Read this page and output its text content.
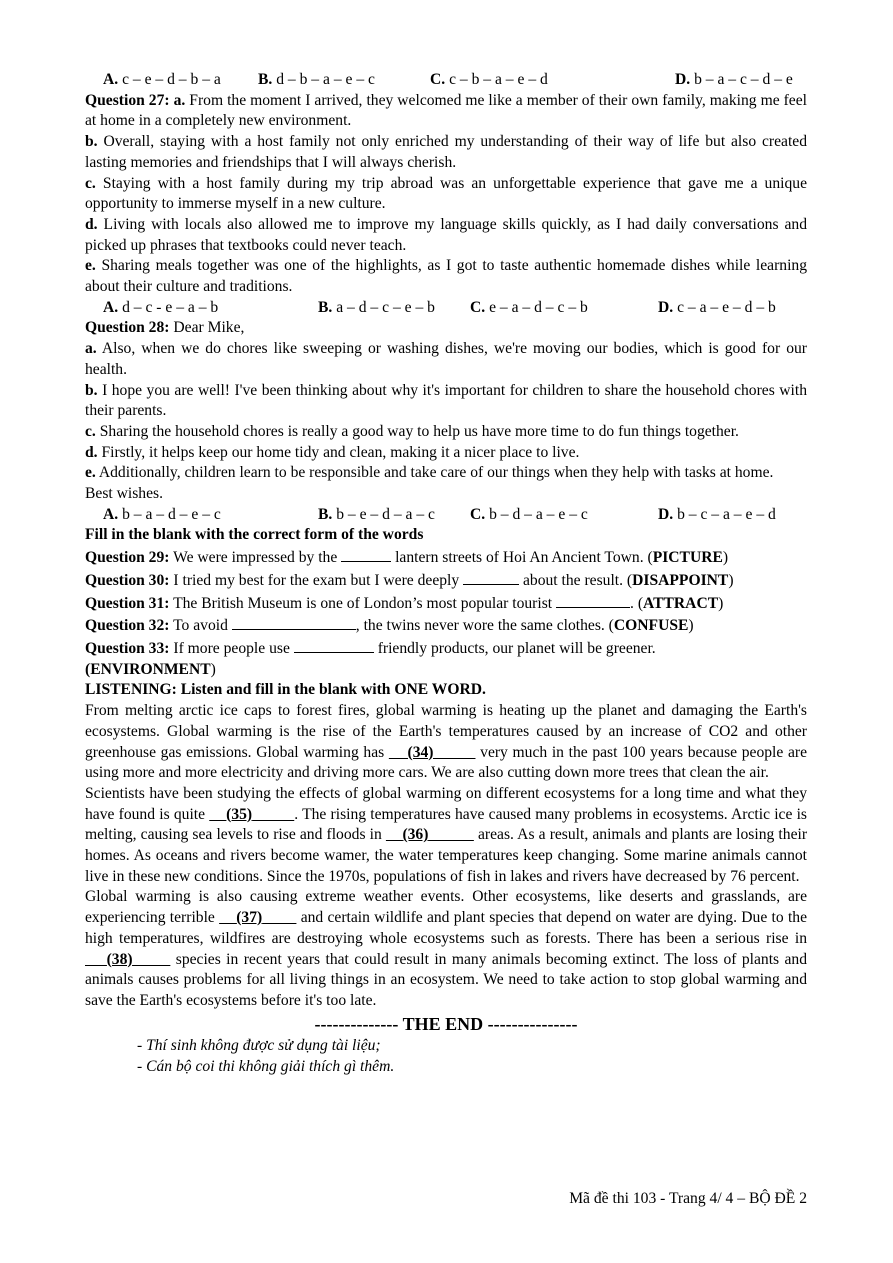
A. c – e – d – b – a	B. d – b – a – e – c	C. c – b – a – e – d	D. b – a – c – d – e

Question 27: a. From the moment I arrived, they welcomed me like a member of their own family, making me feel at home in a completely new environment.

b. Overall, staying with a host family not only enriched my understanding of their way of life but also created lasting memories and friendships that I will always cherish.

c. Staying with a host family during my trip abroad was an unforgettable experience that gave me a unique opportunity to immerse myself in a new culture.

d. Living with locals also allowed me to improve my language skills quickly, as I had daily conversations and picked up phrases that textbooks could never teach.

e. Sharing meals together was one of the highlights, as I got to taste authentic homemade dishes while learning about their culture and traditions.

A. d – c - e – a – b	B. a – d – c – e – b	C. e – a – d – c – b	D. c – a – e – d – b

Question 28: Dear Mike,

a. Also, when we do chores like sweeping or washing dishes, we're moving our bodies, which is good for our health.

b. I hope you are well! I've been thinking about why it's important for children to share the household chores with their parents.

c. Sharing the household chores is really a good way to help us have more time to do fun things together.

d. Firstly, it helps keep our home tidy and clean, making it a nicer place to live.

e. Additionally, children learn to be responsible and take care of our things when they help with tasks at home.

Best wishes.

A. b – a – d – e – c	B. b – e – d – a – c	C. b – d – a – e – c	D. b – c – a – e – d

Fill in the blank with the correct form of the words

Question 29: We were impressed by the	lantern streets of Hoi An Ancient Town. (PICTURE)

Question 30: I tried my best for the exam but I were deeply	about the result. (DISAPPOINT)

Question 31: The British Museum is one of London’s most popular tourist	. (ATTRACT)

Question 32: To avoid	, the twins never wore the same clothes. (CONFUSE)

Question 33: If more people use	friendly products, our planet will be greener.

(ENVIRONMENT)

LISTENING: Listen and fill in the blank with ONE WORD.

From melting arctic ice caps to forest fires, global warming is heating up the planet and damaging the Earth's ecosystems. Global warming is the rise of the Earth's temperatures caused by an increase of CO2 and other greenhouse gas emissions. Global warming has     (34)	very much in the past 100 years because people are using more and more electricity and driving more cars. We are also cutting down more trees that clean the air.

Scientists have been studying the effects of global warming on different ecosystems for a long time and what they have found is quite     (35)	. The rising temperatures have caused many problems in ecosystems. Arctic ice is melting, causing sea levels to rise and floods in     (36)	areas. As a result, animals and plants are losing their homes. As oceans and rivers become wamer, the water temperatures keep changing. Some marine animals cannot live in these new conditions. Since the 1970s, populations of fish in lakes and rivers have decreased by 76 percent.

Global warming is also causing extreme weather events. Other ecosystems, like deserts and grasslands, are experiencing terrible     (37)         and certain wildlife and plant species that depend on water are dying. Due to the high temperatures, wildfires are destroying whole ecosystems such as forests. There has been a serious rise in     (38)        species in recent years that could result in many animals becoming extinct. The loss of plants and animals causes problems for all living things in an ecosystem. We need to take action to stop global warming and save the Earth's ecosystems before it's too late.

-------------- THE END ---------------

- Thí sinh không được sử dụng tài liệu;

- Cán bộ coi thi không giải thích gì thêm.

Mã đề thi 103 - Trang 4/ 4 – BỘ ĐỀ 2
